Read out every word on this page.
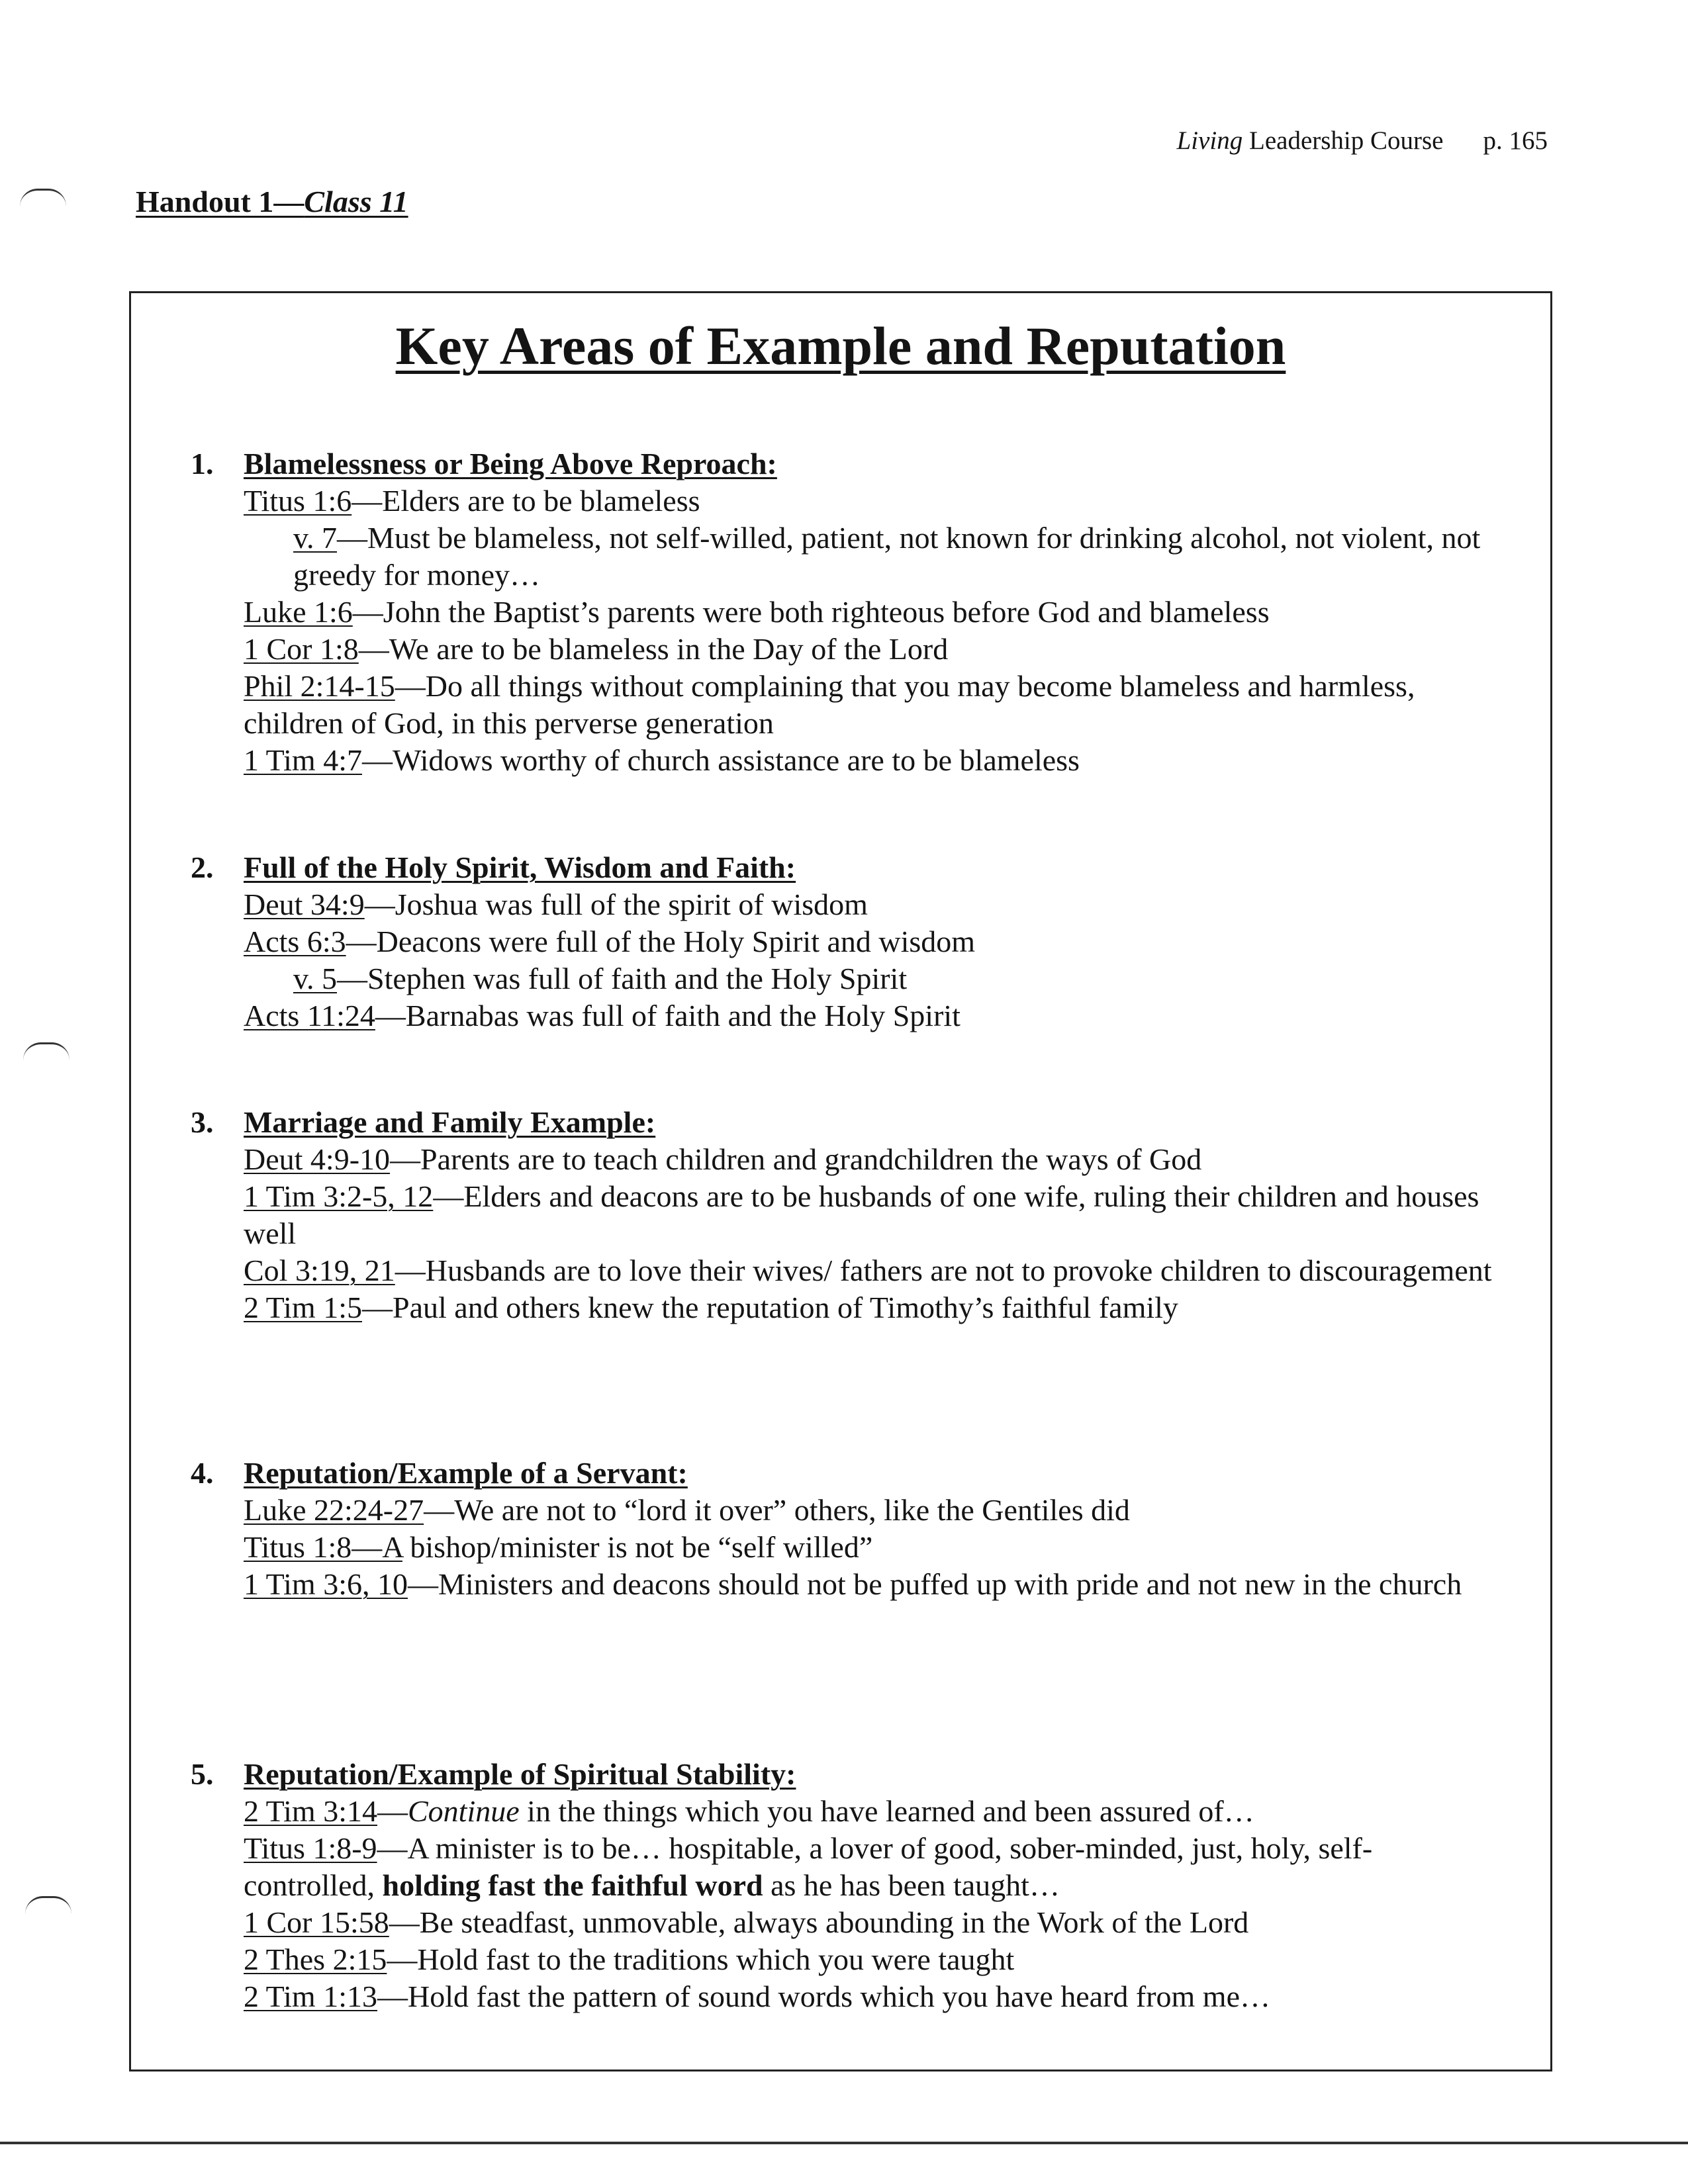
Living Leadership Course p. 165
Handout 1—Class 11
Key Areas of Example and Reputation
1. Blamelessness or Being Above Reproach:
Titus 1:6—Elders are to be blameless
v. 7—Must be blameless, not self-willed, patient, not known for drinking alcohol, not violent, not greedy for money…
Luke 1:6—John the Baptist’s parents were both righteous before God and blameless
1 Cor 1:8—We are to be blameless in the Day of the Lord
Phil 2:14-15—Do all things without complaining that you may become blameless and harmless, children of God, in this perverse generation
1 Tim 4:7—Widows worthy of church assistance are to be blameless
2. Full of the Holy Spirit, Wisdom and Faith:
Deut 34:9—Joshua was full of the spirit of wisdom
Acts 6:3—Deacons were full of the Holy Spirit and wisdom
v. 5—Stephen was full of faith and the Holy Spirit
Acts 11:24—Barnabas was full of faith and the Holy Spirit
3. Marriage and Family Example:
Deut 4:9-10—Parents are to teach children and grandchildren the ways of God
1 Tim 3:2-5, 12—Elders and deacons are to be husbands of one wife, ruling their children and houses well
Col 3:19, 21—Husbands are to love their wives/ fathers are not to provoke children to discouragement
2 Tim 1:5—Paul and others knew the reputation of Timothy’s faithful family
4. Reputation/Example of a Servant:
Luke 22:24-27—We are not to “lord it over” others, like the Gentiles did
Titus 1:8—A bishop/minister is not be “self willed”
1 Tim 3:6, 10—Ministers and deacons should not be puffed up with pride and not new in the church
5. Reputation/Example of Spiritual Stability:
2 Tim 3:14—Continue in the things which you have learned and been assured of…
Titus 1:8-9—A minister is to be… hospitable, a lover of good, sober-minded, just, holy, self-controlled, holding fast the faithful word as he has been taught…
1 Cor 15:58—Be steadfast, unmovable, always abounding in the Work of the Lord
2 Thes 2:15—Hold fast to the traditions which you were taught
2 Tim 1:13—Hold fast the pattern of sound words which you have heard from me…
